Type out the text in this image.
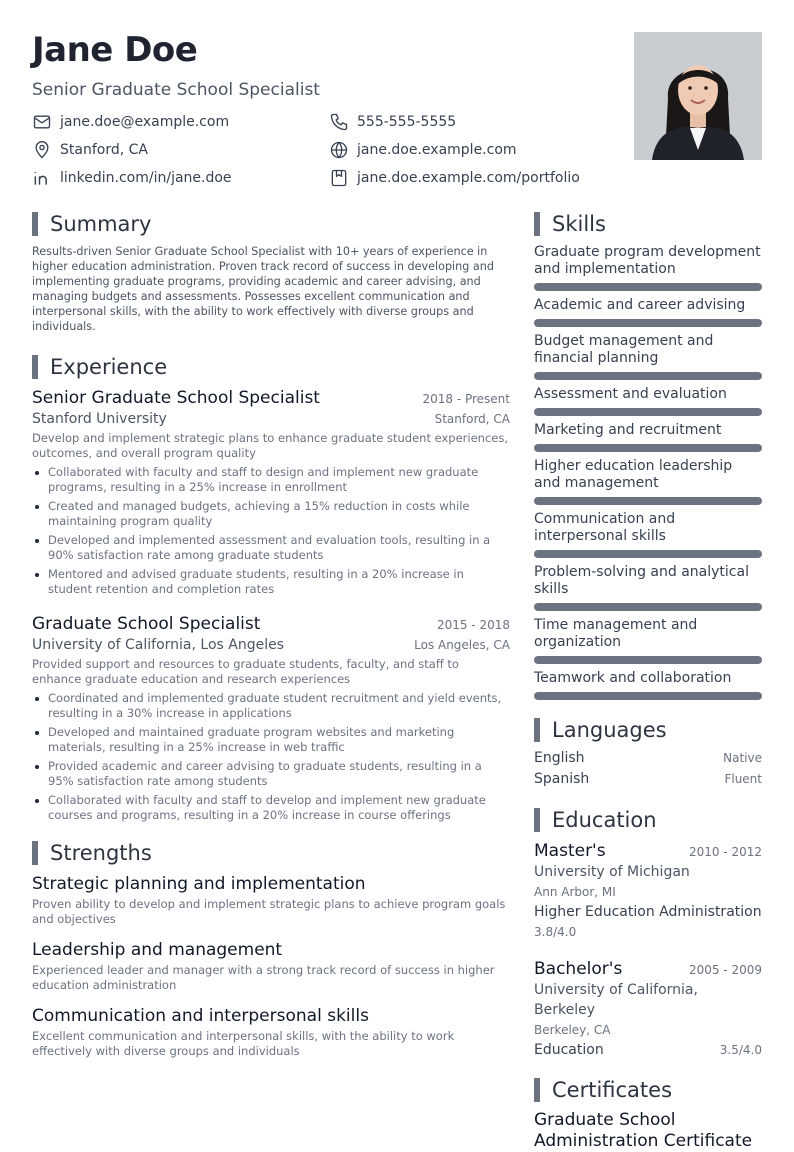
Jane Doe
Senior Graduate School Specialist
jane.doe@example.com	555-555-5555
Stanford, CA	jane.doe.example.com
linkedin.com/in/jane.doe	jane.doe.example.com/portfolio
Summary

Results-driven Senior Graduate School Specialist with 10+ years of experience in higher education administration. Proven track record of success in developing and implementing graduate programs, providing academic and career advising, and managing budgets and assessments. Possesses excellent communication and interpersonal skills, with the ability to work effectively with diverse groups and individuals.

Experience
Senior Graduate School Specialist	2018 - Present
Stanford University	Stanford, CA
Develop and implement strategic plans to enhance graduate student experiences, outcomes, and overall program quality
Collaborated with faculty and staff to design and implement new graduate programs, resulting in a 25% increase in enrollment
Created and managed budgets, achieving a 15% reduction in costs while maintaining program quality
Developed and implemented assessment and evaluation tools, resulting in a 90% satisfaction rate among graduate students
Mentored and advised graduate students, resulting in a 20% increase in student retention and completion rates
Graduate School Specialist	2015 - 2018
University of California, Los Angeles	Los Angeles, CA
Provided support and resources to graduate students, faculty, and staff to enhance graduate education and research experiences
Coordinated and implemented graduate student recruitment and yield events, resulting in a 30% increase in applications
Developed and maintained graduate program websites and marketing materials, resulting in a 25% increase in web traffic
Provided academic and career advising to graduate students, resulting in a 95% satisfaction rate among students
Collaborated with faculty and staff to develop and implement new graduate courses and programs, resulting in a 20% increase in course offerings
Strengths
Strategic planning and implementation
Proven ability to develop and implement strategic plans to achieve program goals and objectives
Leadership and management
Experienced leader and manager with a strong track record of success in higher education administration
Communication and interpersonal skills
Excellent communication and interpersonal skills, with the ability to work effectively with diverse groups and individuals
Skills
Graduate program development and implementation
Academic and career advising
Budget management and financial planning
Assessment and evaluation
Marketing and recruitment
Higher education leadership and management
Communication and interpersonal skills
Problem-solving and analytical skills
Time management and organization
Teamwork and collaboration
Languages
English	Native
Spanish	Fluent
Education
Master's	2010 - 2012
University of Michigan
Ann Arbor, MI
Higher Education Administration
3.8/4.0
Bachelor's	2005 - 2009
University of California, Berkeley
Berkeley, CA
Education	3.5/4.0
Certificates
Graduate School Administration Certificate
